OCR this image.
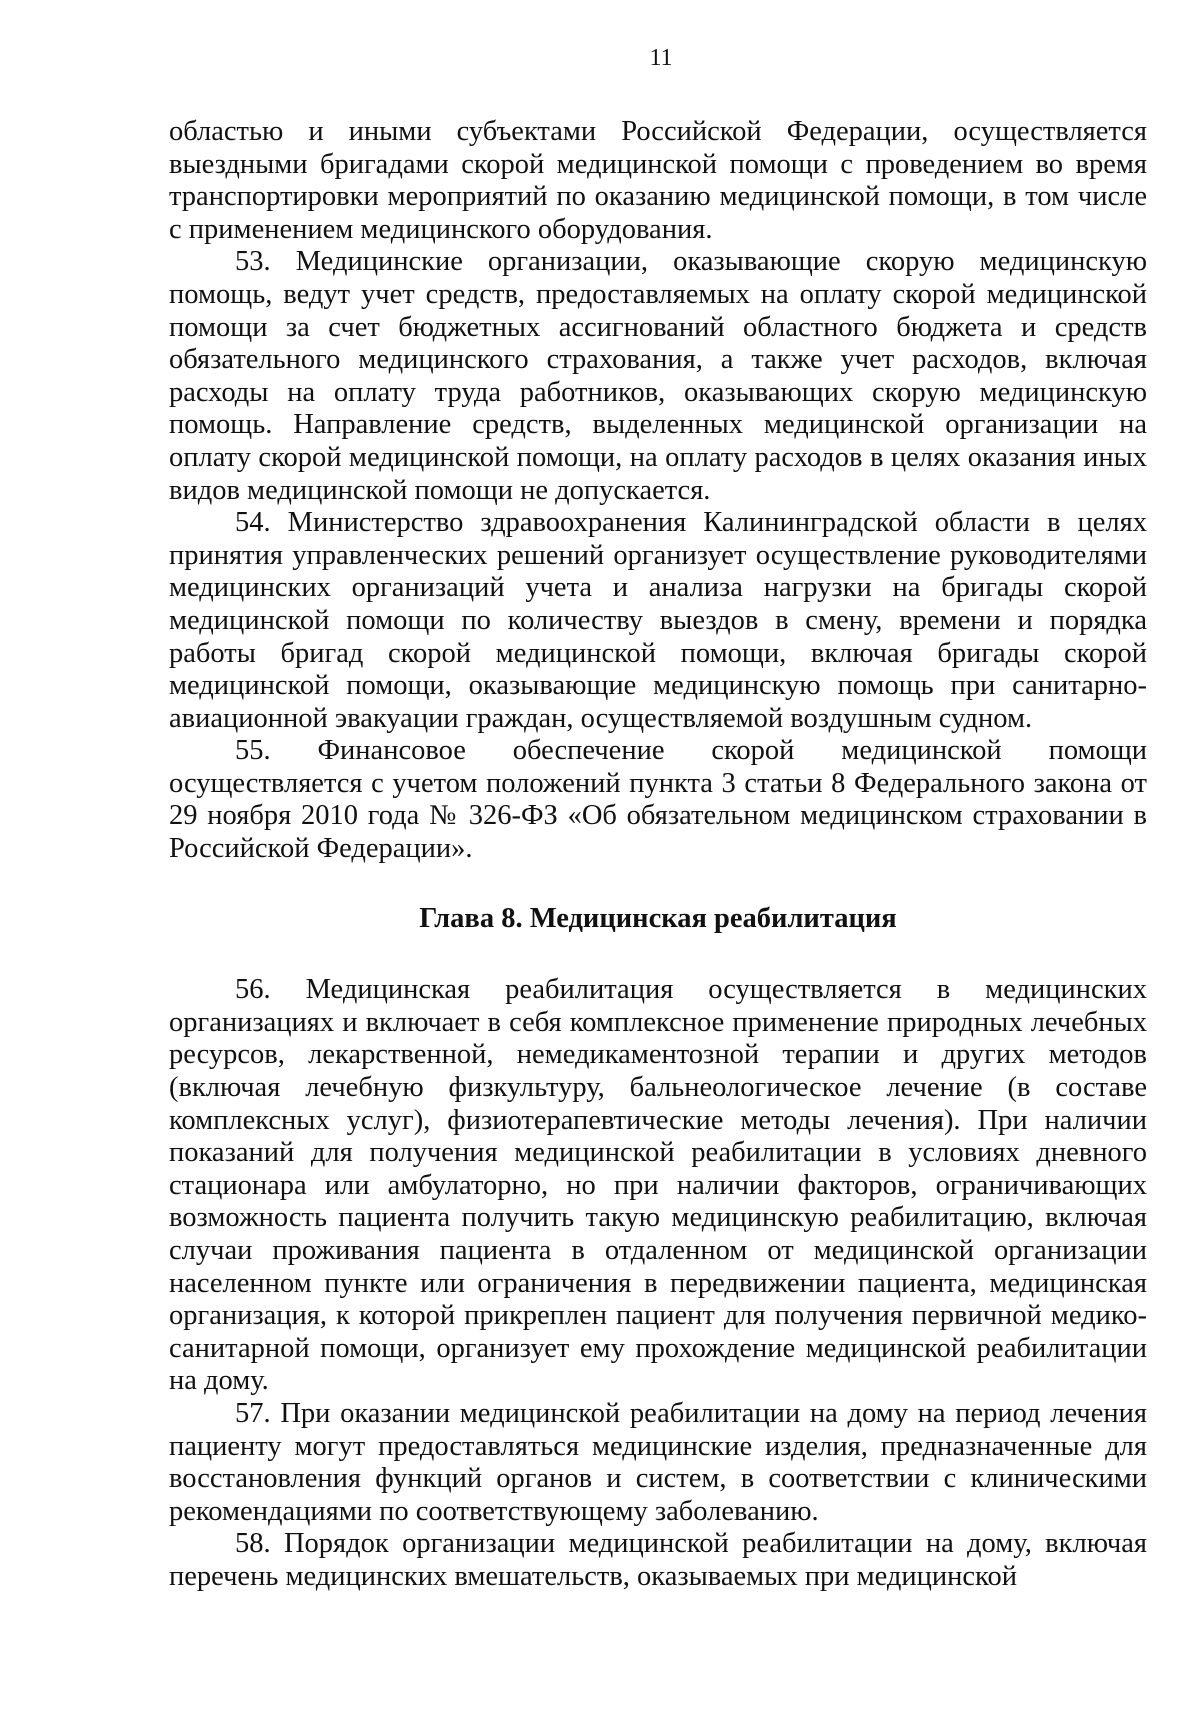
11

областью и иными субъектами Российской Федерации, осуществляется выездными бригадами скорой медицинской помощи с проведением во время транспортировки мероприятий по оказанию медицинской помощи, в том числе с применением медицинского оборудования.

53. Медицинские организации, оказывающие скорую медицинскую помощь, ведут учет средств, предоставляемых на оплату скорой медицинской помощи за счет бюджетных ассигнований областного бюджета и средств обязательного медицинского страхования, а также учет расходов, включая расходы на оплату труда работников, оказывающих скорую медицинскую помощь. Направление средств, выделенных медицинской организации на оплату скорой медицинской помощи, на оплату расходов в целях оказания иных видов медицинской помощи не допускается.

54. Министерство здравоохранения Калининградской области в целях принятия управленческих решений организует осуществление руководителями медицинских организаций учета и анализа нагрузки на бригады скорой медицинской помощи по количеству выездов в смену, времени и порядка работы бригад скорой медицинской помощи, включая бригады скорой медицинской помощи, оказывающие медицинскую помощь при санитарно-авиационной эвакуации граждан, осуществляемой воздушным судном.

55. Финансовое обеспечение скорой медицинской помощи осуществляется с учетом положений пункта 3 статьи 8 Федерального закона от 29 ноября 2010 года № 326-ФЗ «Об обязательном медицинском страховании в Российской Федерации».

Глава 8. Медицинская реабилитация

56. Медицинская реабилитация осуществляется в медицинских организациях и включает в себя комплексное применение природных лечебных ресурсов, лекарственной, немедикаментозной терапии и других методов (включая лечебную физкультуру, бальнеологическое лечение (в составе комплексных услуг), физиотерапевтические методы лечения). При наличии показаний для получения медицинской реабилитации в условиях дневного стационара или амбулаторно, но при наличии факторов, ограничивающих возможность пациента получить такую медицинскую реабилитацию, включая случаи проживания пациента в отдаленном от медицинской организации населенном пункте или ограничения в передвижении пациента, медицинская организация, к которой прикреплен пациент для получения первичной медико-санитарной помощи, организует ему прохождение медицинской реабилитации на дому.

57. При оказании медицинской реабилитации на дому на период лечения пациенту могут предоставляться медицинские изделия, предназначенные для восстановления функций органов и систем, в соответствии с клиническими рекомендациями по соответствующему заболеванию.

58. Порядок организации медицинской реабилитации на дому, включая перечень медицинских вмешательств, оказываемых при медицинской
